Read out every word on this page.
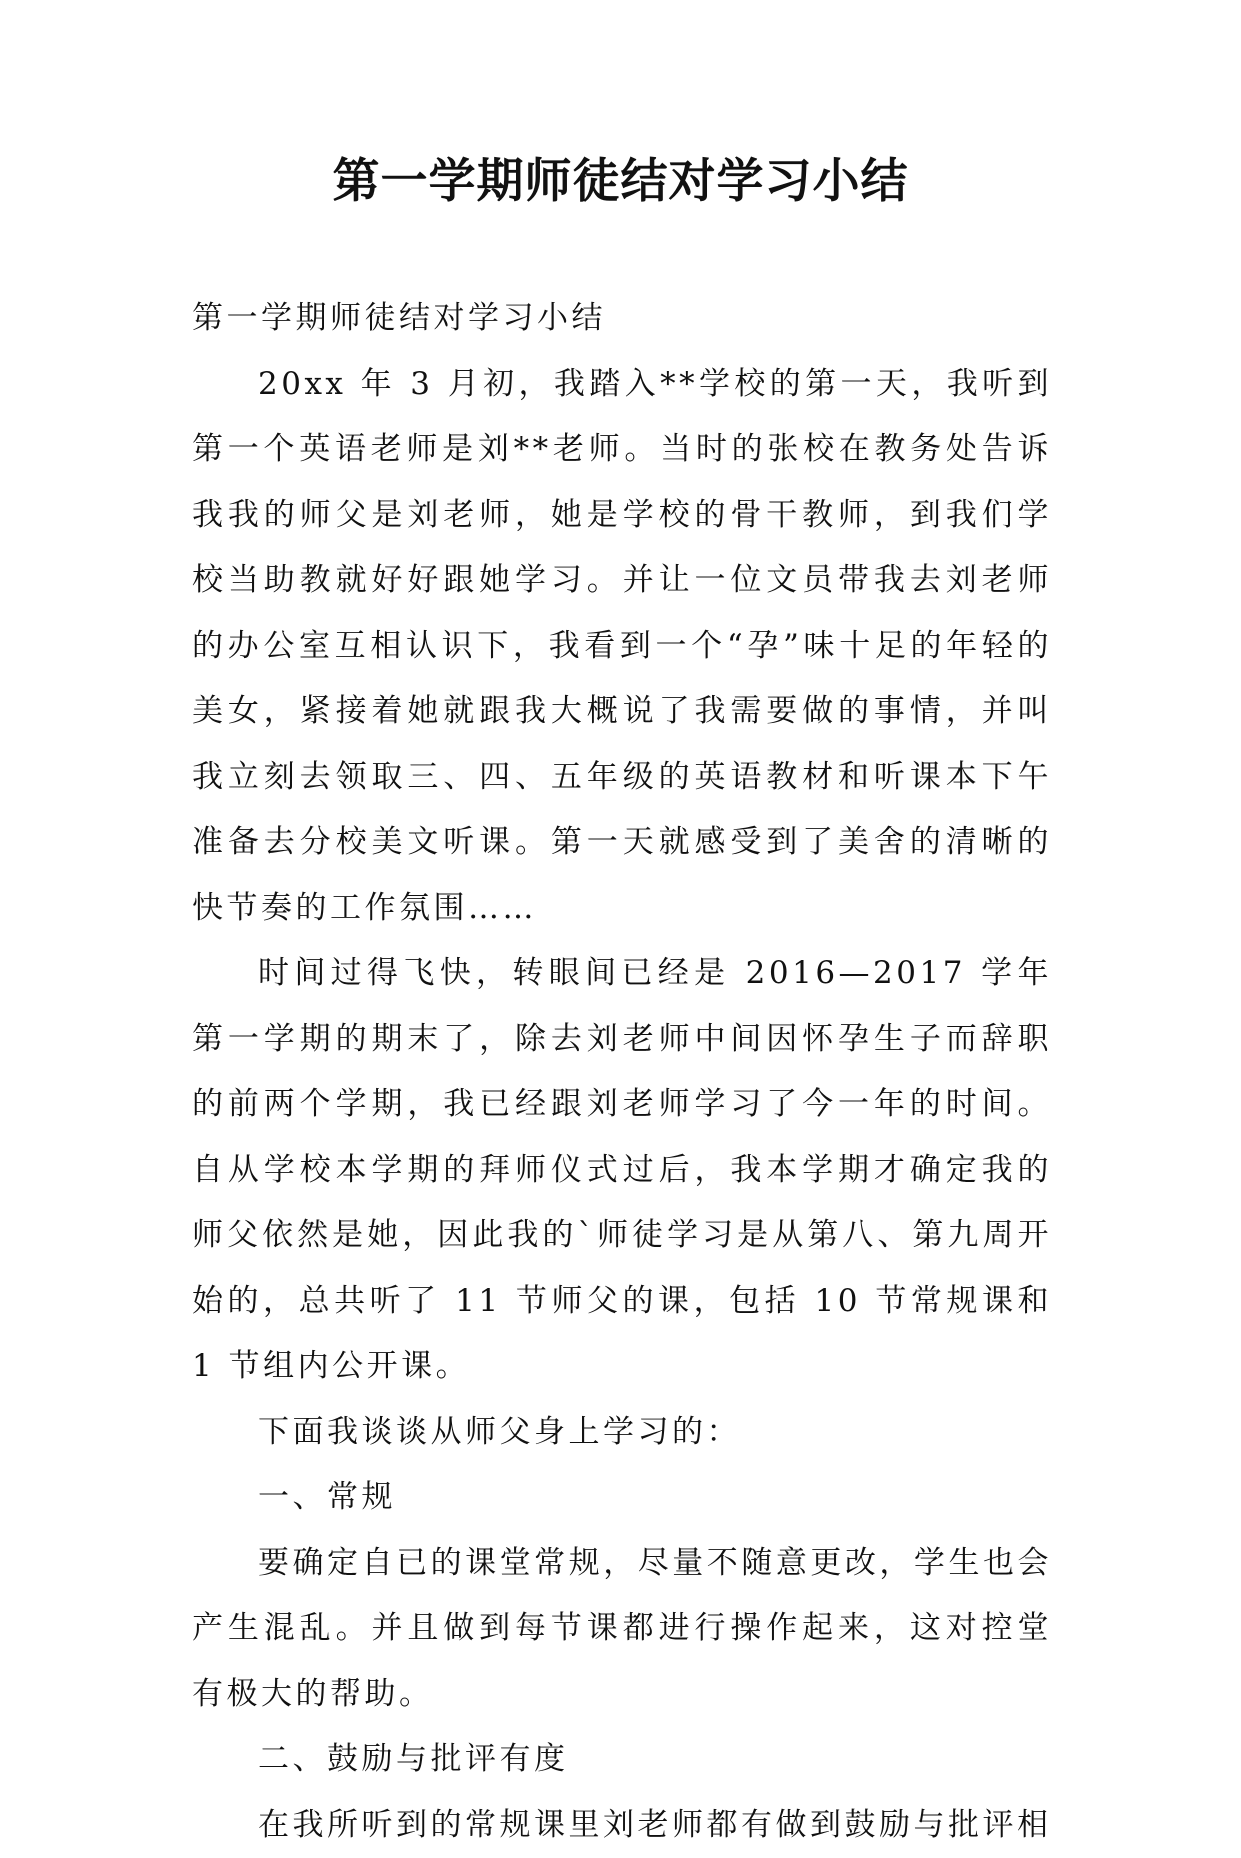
第一学期师徒结对学习小结

第一学期师徒结对学习小结

20xx 年 3 月初，我踏入**学校的第一天，我听到第一个英语老师是刘**老师。当时的张校在教务处告诉我我的师父是刘老师，她是学校的骨干教师，到我们学校当助教就好好跟她学习。并让一位文员带我去刘老师的办公室互相认识下，我看到一个“孕”味十足的年轻的美女，紧接着她就跟我大概说了我需要做的事情，并叫我立刻去领取三、四、五年级的英语教材和听课本下午准备去分校美文听课。第一天就感受到了美舍的清晰的快节奏的工作氛围……

时间过得飞快，转眼间已经是 2016—2017 学年第一学期的期末了，除去刘老师中间因怀孕生子而辞职的前两个学期，我已经跟刘老师学习了今一年的时间。自从学校本学期的拜师仪式过后，我本学期才确定我的师父依然是她，因此我的`师徒学习是从第八、第九周开始的，总共听了 11 节师父的课，包括 10 节常规课和 1 节组内公开课。

下面我谈谈从师父身上学习的：

一、常规

要确定自已的课堂常规，尽量不随意更改，学生也会产生混乱。并且做到每节课都进行操作起来，这对控堂有极大的帮助。

二、鼓励与批评有度

在我所听到的常规课里刘老师都有做到鼓励与批评相
